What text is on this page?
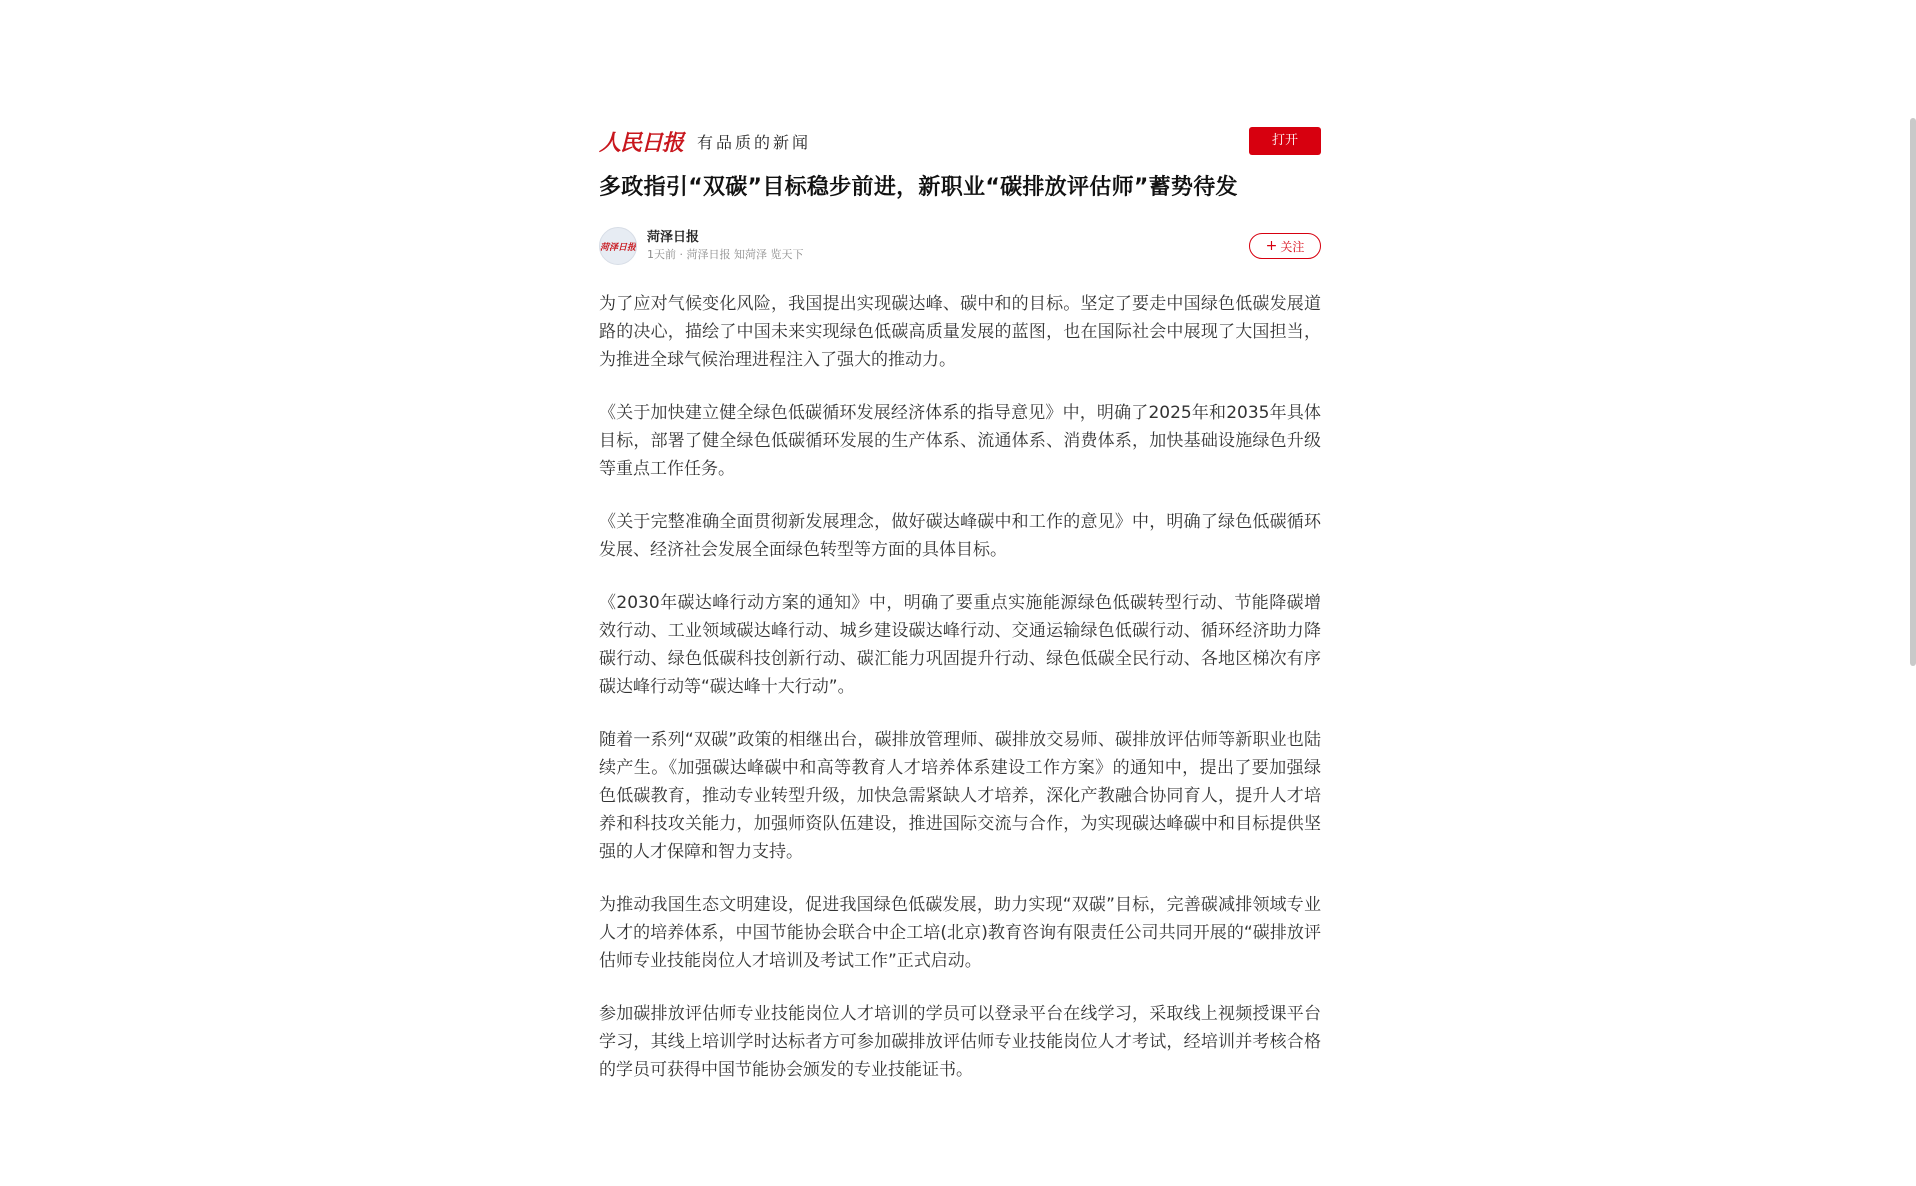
人民日报 有品质的新闻	打开
多政指引“双碳”目标稳步前进，新职业“碳排放评估师”蓄势待发
菏泽日报
菏泽日报
1天前 · 菏泽日报 知菏泽 览天下
+ 关注

为了应对气候变化风险，我国提出实现碳达峰、碳中和的目标。坚定了要走中国绿色低碳发展道路的决心，描绘了中国未来实现绿色低碳高质量发展的蓝图，也在国际社会中展现了大国担当，为推进全球气候治理进程注入了强大的推动力。

《关于加快建立健全绿色低碳循环发展经济体系的指导意见》中，明确了2025年和2035年具体目标，部署了健全绿色低碳循环发展的生产体系、流通体系、消费体系，加快基础设施绿色升级等重点工作任务。

《关于完整准确全面贯彻新发展理念，做好碳达峰碳中和工作的意见》中，明确了绿色低碳循环发展、经济社会发展全面绿色转型等方面的具体目标。

《2030年碳达峰行动方案的通知》中，明确了要重点实施能源绿色低碳转型行动、节能降碳增效行动、工业领域碳达峰行动、城乡建设碳达峰行动、交通运输绿色低碳行动、循环经济助力降碳行动、绿色低碳科技创新行动、碳汇能力巩固提升行动、绿色低碳全民行动、各地区梯次有序碳达峰行动等“碳达峰十大行动”。

随着一系列“双碳”政策的相继出台，碳排放管理师、碳排放交易师、碳排放评估师等新职业也陆续产生。《加强碳达峰碳中和高等教育人才培养体系建设工作方案》的通知中，提出了要加强绿色低碳教育，推动专业转型升级，加快急需紧缺人才培养，深化产教融合协同育人，提升人才培养和科技攻关能力，加强师资队伍建设，推进国际交流与合作，为实现碳达峰碳中和目标提供坚强的人才保障和智力支持。

为推动我国生态文明建设，促进我国绿色低碳发展，助力实现“双碳”目标，完善碳减排领域专业人才的培养体系，中国节能协会联合中企工培(北京)教育咨询有限责任公司共同开展的“碳排放评估师专业技能岗位人才培训及考试工作”正式启动。

参加碳排放评估师专业技能岗位人才培训的学员可以登录平台在线学习，采取线上视频授课平台学习，其线上培训学时达标者方可参加碳排放评估师专业技能岗位人才考试，经培训并考核合格的学员可获得中国节能协会颁发的专业技能证书。
